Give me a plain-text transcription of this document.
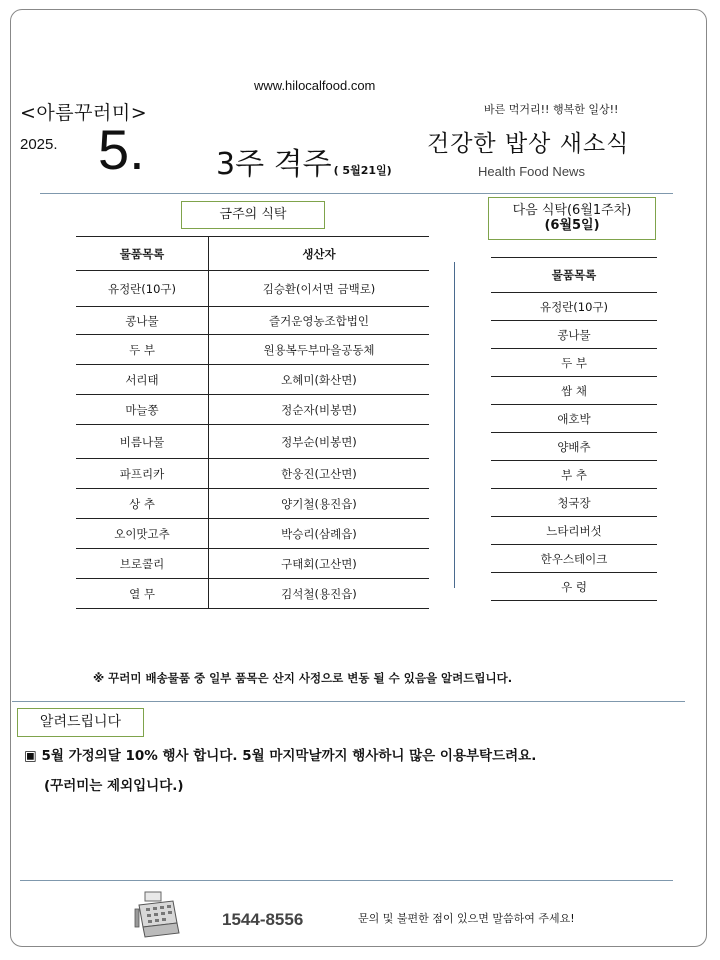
www.hilocalfood.com
<아름꾸러미>	바른 먹거리!! 행복한 일상!!
2025. 5. 3주 격주 ( 5월21일)
건강한 밥상 새소식
Health Food News
금주의 식탁	다음 식탁(6월1주차)
(6월5일)
물품목록	생산자
유정란(10구)	김승환(이서면 금백로)
콩나물	즐거운영농조합법인
두 부	원용복두부마을공동체
서리태	오혜미(화산면)
마늘쫑	정순자(비봉면)
비름나물	정부순(비봉면)
파프리카	한웅진(고산면)
상 추	양기철(용진읍)
오이맛고추	박승리(삼례읍)
브로콜리	구태회(고산면)
열 무	김석철(용진읍)
물품목록
유정란(10구)
콩나물
두 부
쌈 채
애호박
양배추
부 추
청국장
느타리버섯
한우스테이크
우 렁
※ 꾸러미 배송물품 중 일부 품목은 산지 사정으로 변동 될 수 있음을 알려드립니다.
알려드립니다
▣ 5월 가정의달 10% 행사 합니다. 5월 마지막날까지 행사하니 많은 이용부탁드려요.
(꾸러미는 제외입니다.)
1544-8556	문의 및 불편한 점이 있으면 말씀하여 주세요!
